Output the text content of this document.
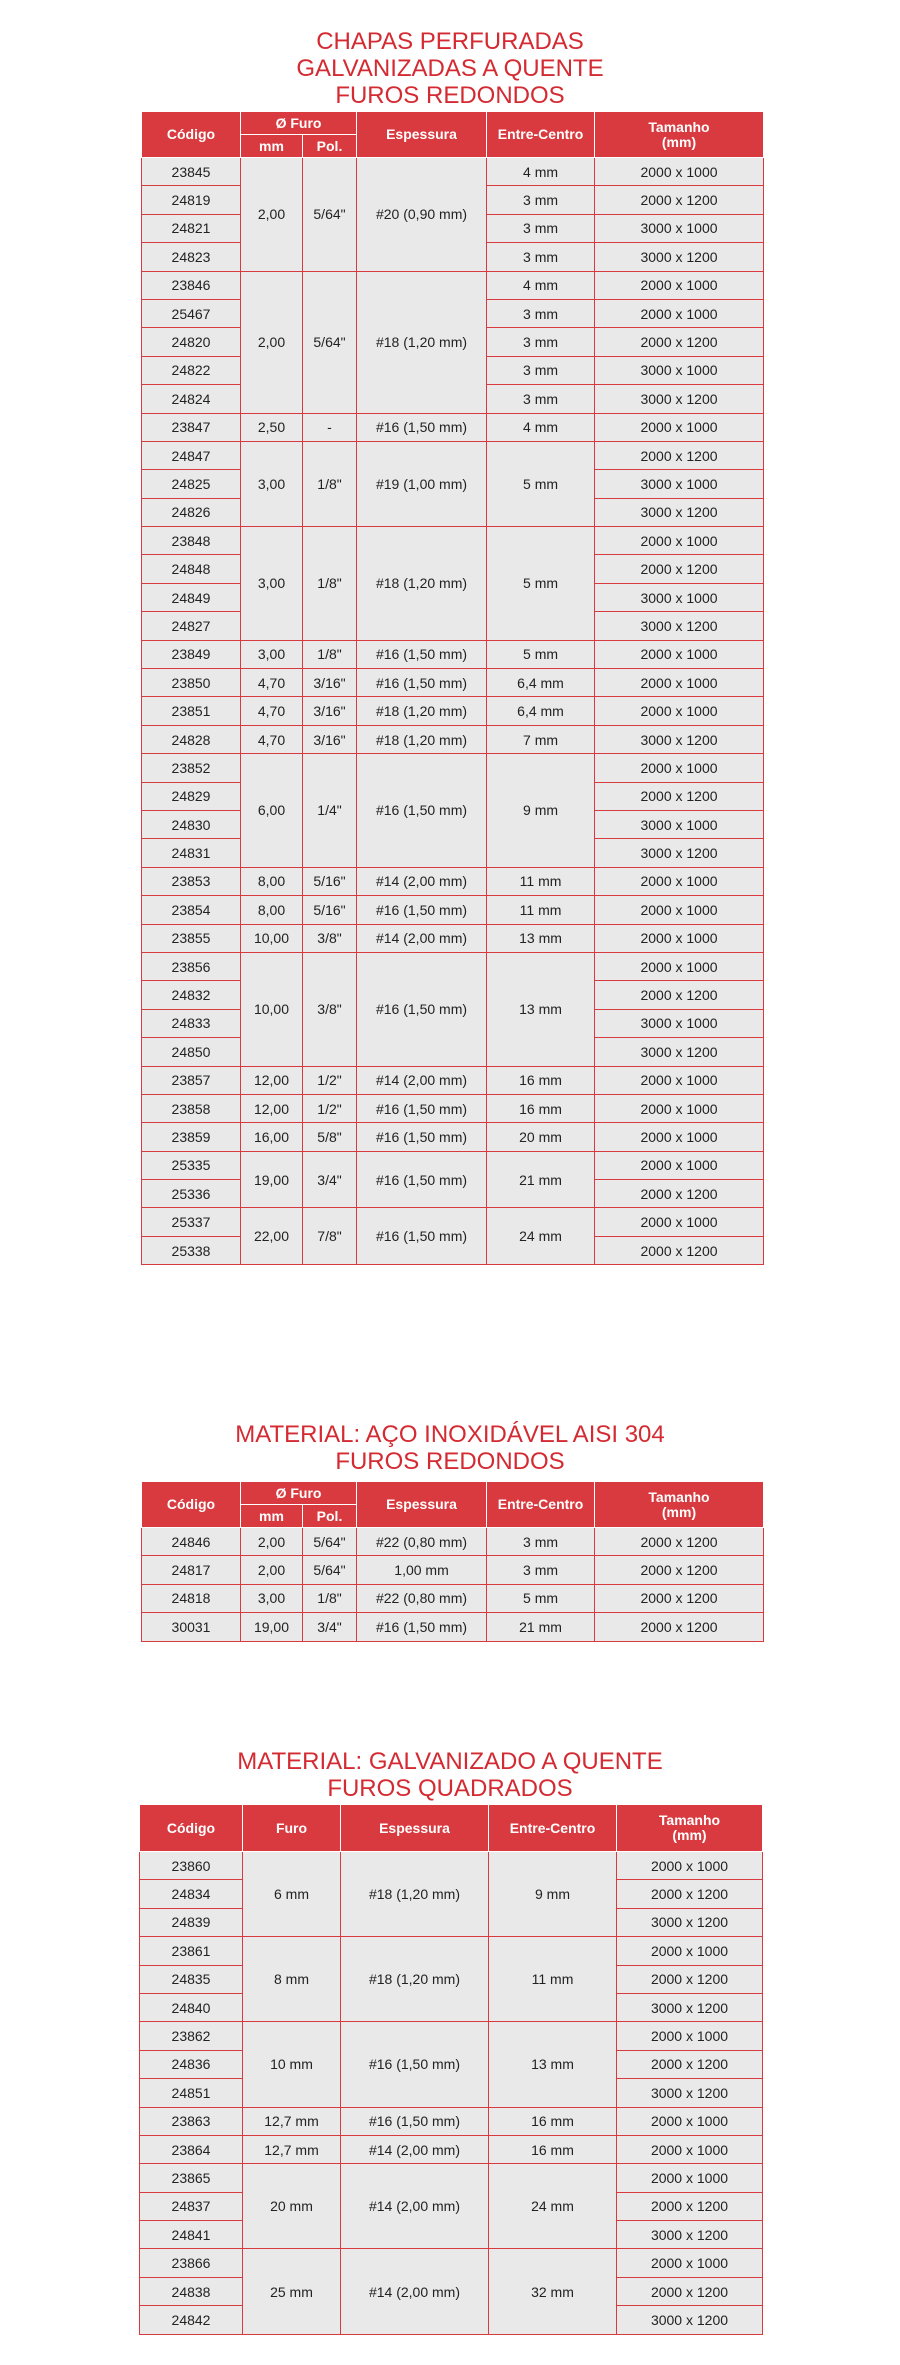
CHAPAS PERFURADAS
GALVANIZADAS A QUENTE
FUROS REDONDOS
Código	Ø Furo		Espessura	Entre-Centro	Tamanho
(mm)
	mm	Pol.			
23845	2,00	5/64"	#20 (0,90 mm)	4 mm	2000 x 1000
24819				3 mm	2000 x 1200
24821				3 mm	3000 x 1000
24823				3 mm	3000 x 1200
23846	2,00	5/64"	#18 (1,20 mm)	4 mm	2000 x 1000
25467				3 mm	2000 x 1000
24820				3 mm	2000 x 1200
24822				3 mm	3000 x 1000
24824				3 mm	3000 x 1200
23847	2,50	-	#16 (1,50 mm)	4 mm	2000 x 1000
24847	3,00	1/8"	#19 (1,00 mm)	5 mm	2000 x 1200
24825					3000 x 1000
24826					3000 x 1200
23848	3,00	1/8"	#18 (1,20 mm)	5 mm	2000 x 1000
24848					2000 x 1200
24849					3000 x 1000
24827					3000 x 1200
23849	3,00	1/8"	#16 (1,50 mm)	5 mm	2000 x 1000
23850	4,70	3/16"	#16 (1,50 mm)	6,4 mm	2000 x 1000
23851	4,70	3/16"	#18 (1,20 mm)	6,4 mm	2000 x 1000
24828	4,70	3/16"	#18 (1,20 mm)	7 mm	3000 x 1200
23852	6,00	1/4"	#16 (1,50 mm)	9 mm	2000 x 1000
24829					2000 x 1200
24830					3000 x 1000
24831					3000 x 1200
23853	8,00	5/16"	#14 (2,00 mm)	11 mm	2000 x 1000
23854	8,00	5/16"	#16 (1,50 mm)	11 mm	2000 x 1000
23855	10,00	3/8"	#14 (2,00 mm)	13 mm	2000 x 1000
23856	10,00	3/8"	#16 (1,50 mm)	13 mm	2000 x 1000
24832					2000 x 1200
24833					3000 x 1000
24850					3000 x 1200
23857	12,00	1/2"	#14 (2,00 mm)	16 mm	2000 x 1000
23858	12,00	1/2"	#16 (1,50 mm)	16 mm	2000 x 1000
23859	16,00	5/8"	#16 (1,50 mm)	20 mm	2000 x 1000
25335	19,00	3/4"	#16 (1,50 mm)	21 mm	2000 x 1000
25336					2000 x 1200
25337	22,00	7/8"	#16 (1,50 mm)	24 mm	2000 x 1000
25338					2000 x 1200
MATERIAL: AÇO INOXIDÁVEL AISI 304
FUROS REDONDOS
Código	Ø Furo		Espessura	Entre-Centro	Tamanho
(mm)
	mm	Pol.			
24846	2,00	5/64"	#22 (0,80 mm)	3 mm	2000 x 1200
24817	2,00	5/64"	1,00 mm	3 mm	2000 x 1200
24818	3,00	1/8"	#22 (0,80 mm)	5 mm	2000 x 1200
30031	19,00	3/4"	#16 (1,50 mm)	21 mm	2000 x 1200
MATERIAL: GALVANIZADO A QUENTE
FUROS QUADRADOS
Código	Furo	Espessura	Entre-Centro	Tamanho
(mm)
23860	6 mm	#18 (1,20 mm)	9 mm	2000 x 1000
24834				2000 x 1200
24839				3000 x 1200
23861	8 mm	#18 (1,20 mm)	11 mm	2000 x 1000
24835				2000 x 1200
24840				3000 x 1200
23862	10 mm	#16 (1,50 mm)	13 mm	2000 x 1000
24836				2000 x 1200
24851				3000 x 1200
23863	12,7 mm	#16 (1,50 mm)	16 mm	2000 x 1000
23864	12,7 mm	#14 (2,00 mm)	16 mm	2000 x 1000
23865	20 mm	#14 (2,00 mm)	24 mm	2000 x 1000
24837				2000 x 1200
24841				3000 x 1200
23866	25 mm	#14 (2,00 mm)	32 mm	2000 x 1000
24838				2000 x 1200
24842				3000 x 1200
